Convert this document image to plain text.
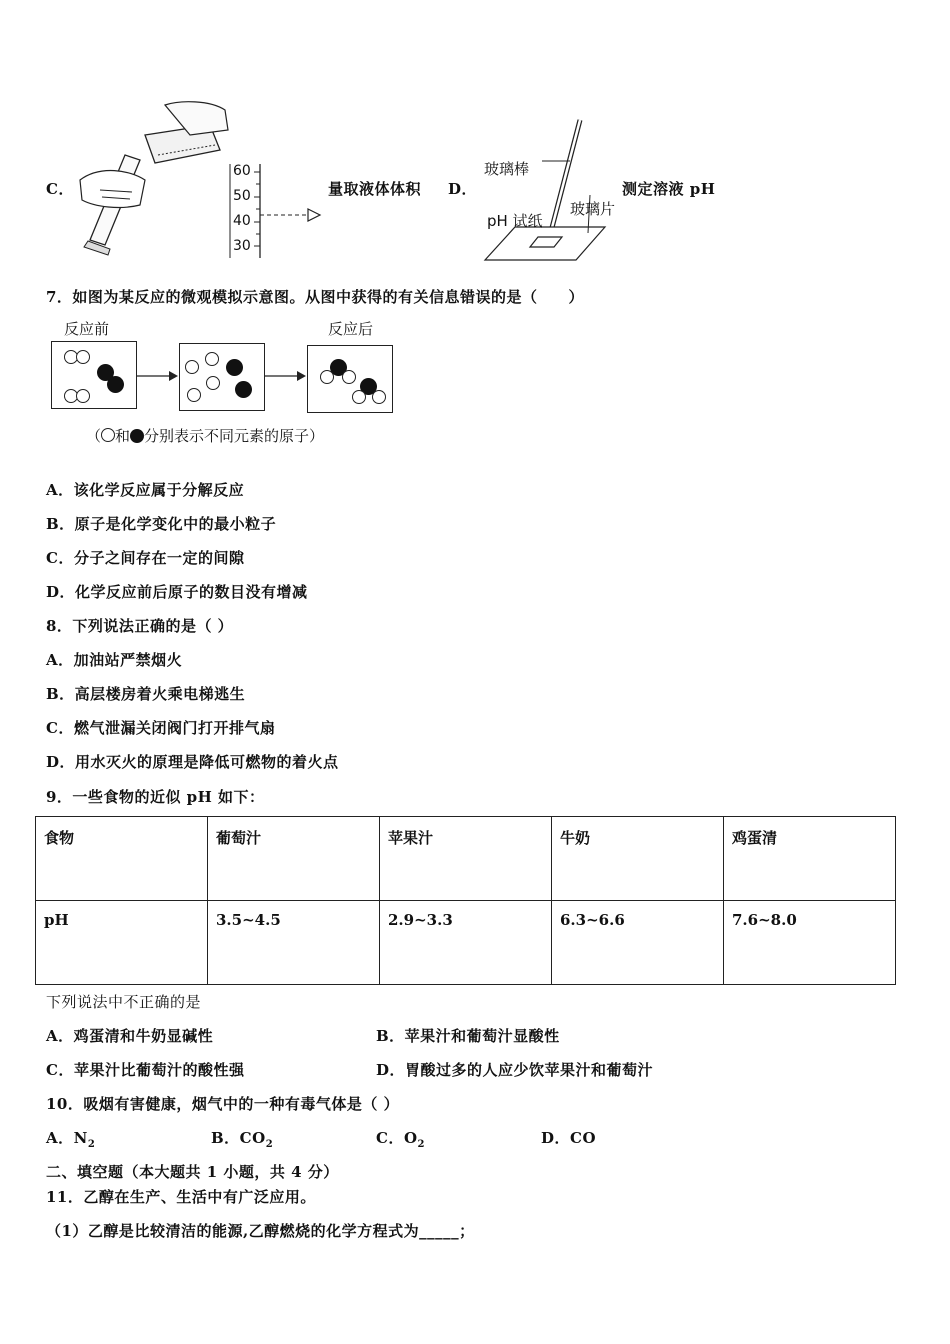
C．
60
50
40
30
量取液体体积 D．
玻璃棒
pH 试纸
玻璃片
测定溶液 pH
7．如图为某反应的微观模拟示意图。从图中获得的有关信息错误的是（　　）
反应前	反应后
（ 和 分别表示不同元素的原子）
A．该化学反应属于分解反应
B．原子是化学变化中的最小粒子
C．分子之间存在一定的间隙
D．化学反应前后原子的数目没有增减
8．下列说法正确的是（ ）
A．加油站严禁烟火
B．高层楼房着火乘电梯逃生
C．燃气泄漏关闭阀门打开排气扇
D．用水灭火的原理是降低可燃物的着火点
9．一些食物的近似 pH 如下：
食物	葡萄汁	苹果汁	牛奶	鸡蛋清
pH	3.5~4.5	2.9~3.3	6.3~6.6	7.6~8.0
下列说法中不正确的是
A．鸡蛋清和牛奶显碱性	B．苹果汁和葡萄汁显酸性
C．苹果汁比葡萄汁的酸性强	D．胃酸过多的人应少饮苹果汁和葡萄汁
10．吸烟有害健康，烟气中的一种有毒气体是（ ）
A．$N_2$	B．$CO_2$	C．$O_2$	D．CO
二、填空题（本大题共 1 小题，共 4 分）
11．乙醇在生产、生活中有广泛应用。
（1）乙醇是比较清洁的能源,乙醇燃烧的化学方程式为_____；
